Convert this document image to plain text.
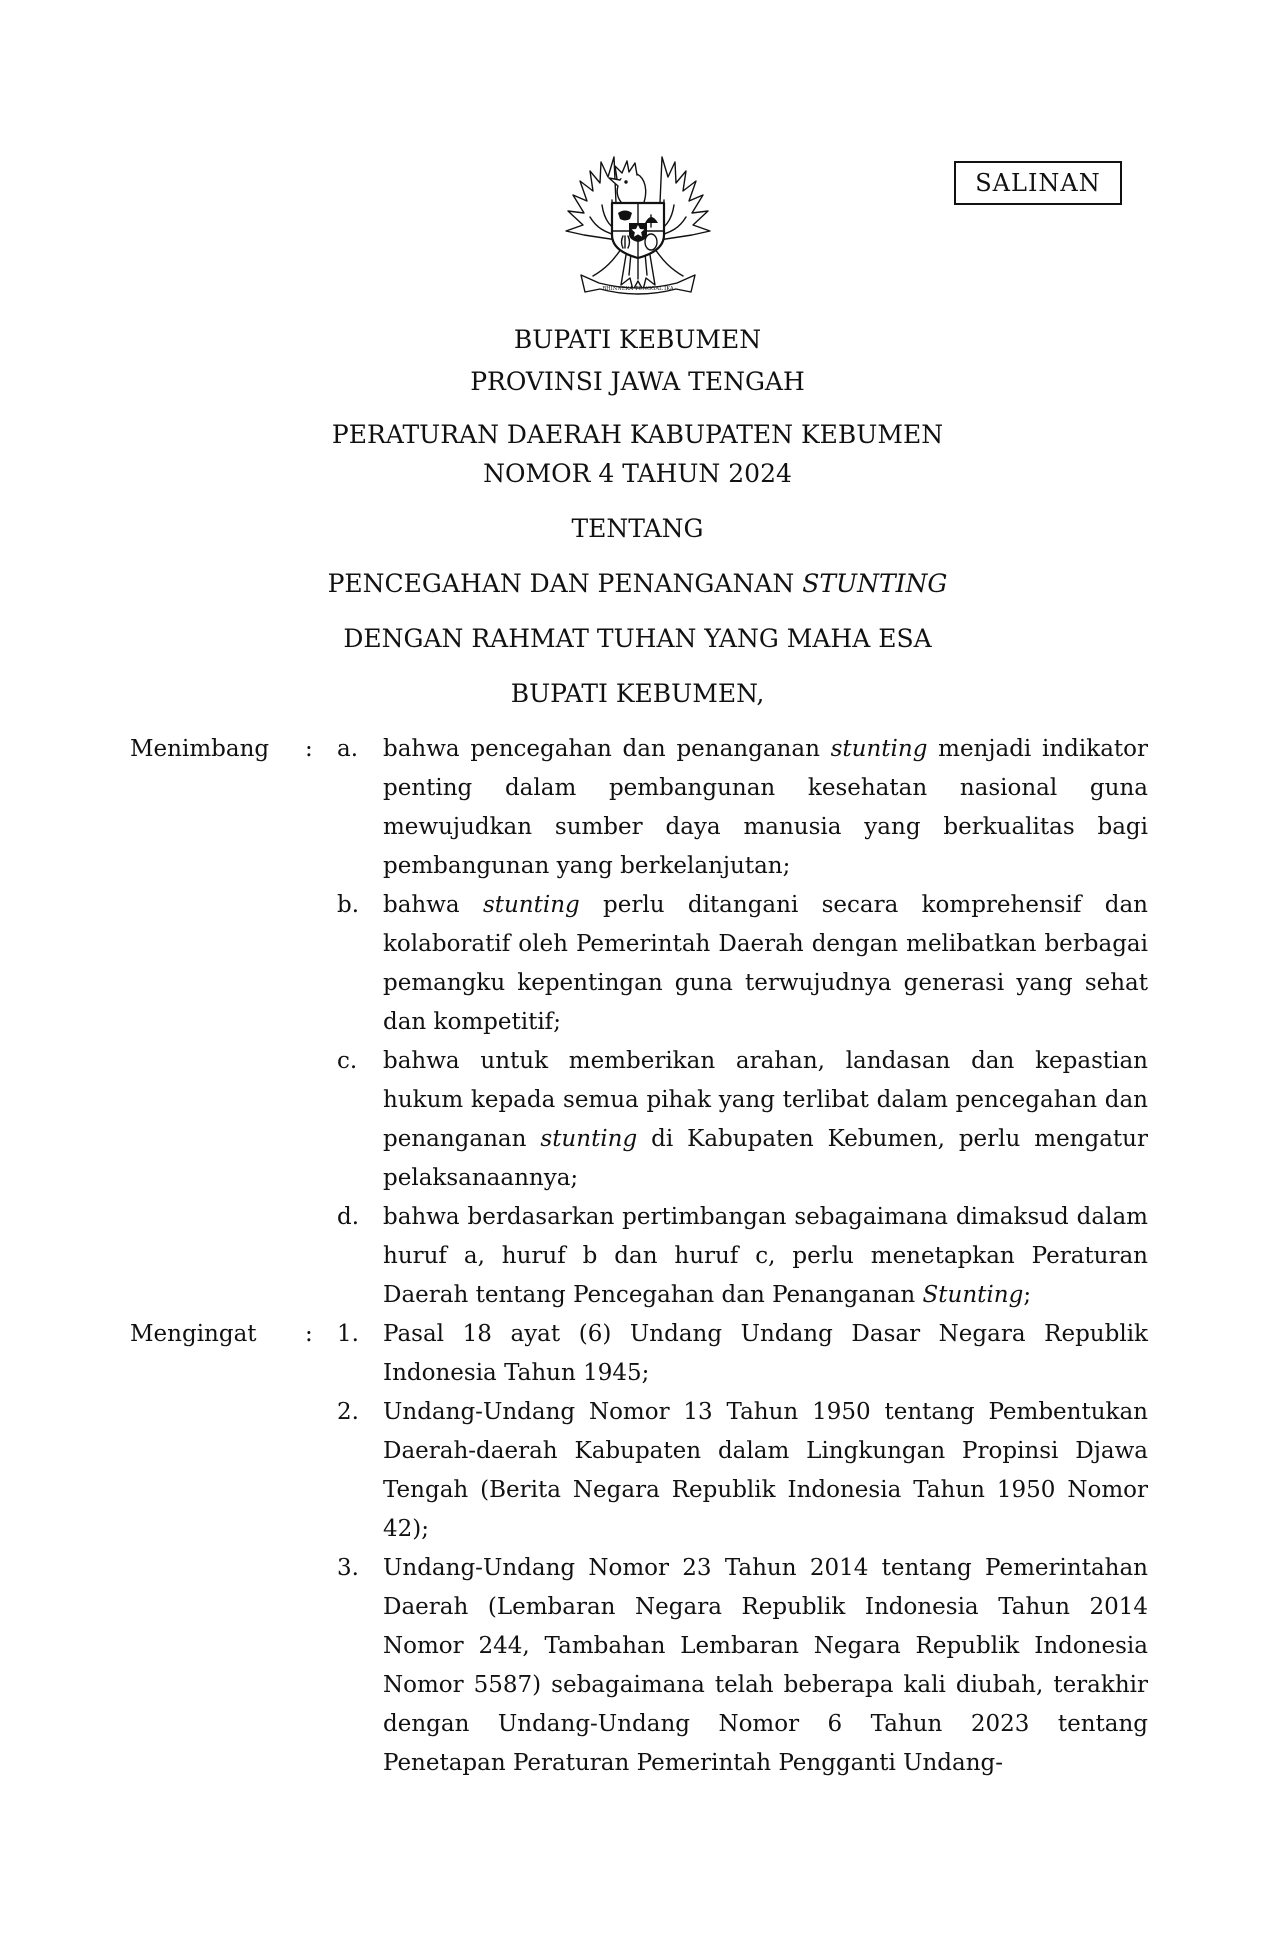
SALINAN
BHINNEKA TUNGGAL IKA
BUPATI KEBUMEN
PROVINSI JAWA TENGAH
PERATURAN DAERAH KABUPATEN KEBUMEN
NOMOR 4 TAHUN 2024
TENTANG
PENCEGAHAN DAN PENANGANAN STUNTING
DENGAN RAHMAT TUHAN YANG MAHA ESA
BUPATI KEBUMEN,
Menimbang	:	a.	bahwa pencegahan dan penanganan stunting menjadi indikator penting dalam pembangunan kesehatan nasional guna mewujudkan sumber daya manusia yang berkualitas bagi pembangunan yang berkelanjutan;

b.	bahwa stunting perlu ditangani secara komprehensif dan kolaboratif oleh Pemerintah Daerah dengan melibatkan berbagai pemangku kepentingan guna terwujudnya generasi yang sehat dan kompetitif;

c.	bahwa untuk memberikan arahan, landasan dan kepastian hukum kepada semua pihak yang terlibat dalam pencegahan dan penanganan stunting di Kabupaten Kebumen, perlu mengatur pelaksanaannya;

d.	bahwa berdasarkan pertimbangan sebagaimana dimaksud dalam huruf a, huruf b dan huruf c, perlu menetapkan Peraturan Daerah tentang Pencegahan dan Penanganan Stunting;

Mengingat	:	1.	Pasal 18 ayat (6) Undang Undang Dasar Negara Republik Indonesia Tahun 1945;

2.	Undang-Undang Nomor 13 Tahun 1950 tentang Pembentukan Daerah-daerah Kabupaten dalam Lingkungan Propinsi Djawa Tengah (Berita Negara Republik Indonesia Tahun 1950 Nomor 42);

3.	Undang-Undang Nomor 23 Tahun 2014 tentang Pemerintahan Daerah (Lembaran Negara Republik Indonesia Tahun 2014 Nomor 244, Tambahan Lembaran Negara Republik Indonesia Nomor 5587) sebagaimana telah beberapa kali diubah, terakhir dengan Undang-Undang Nomor 6 Tahun 2023 tentang Penetapan Peraturan Pemerintah Pengganti Undang-
